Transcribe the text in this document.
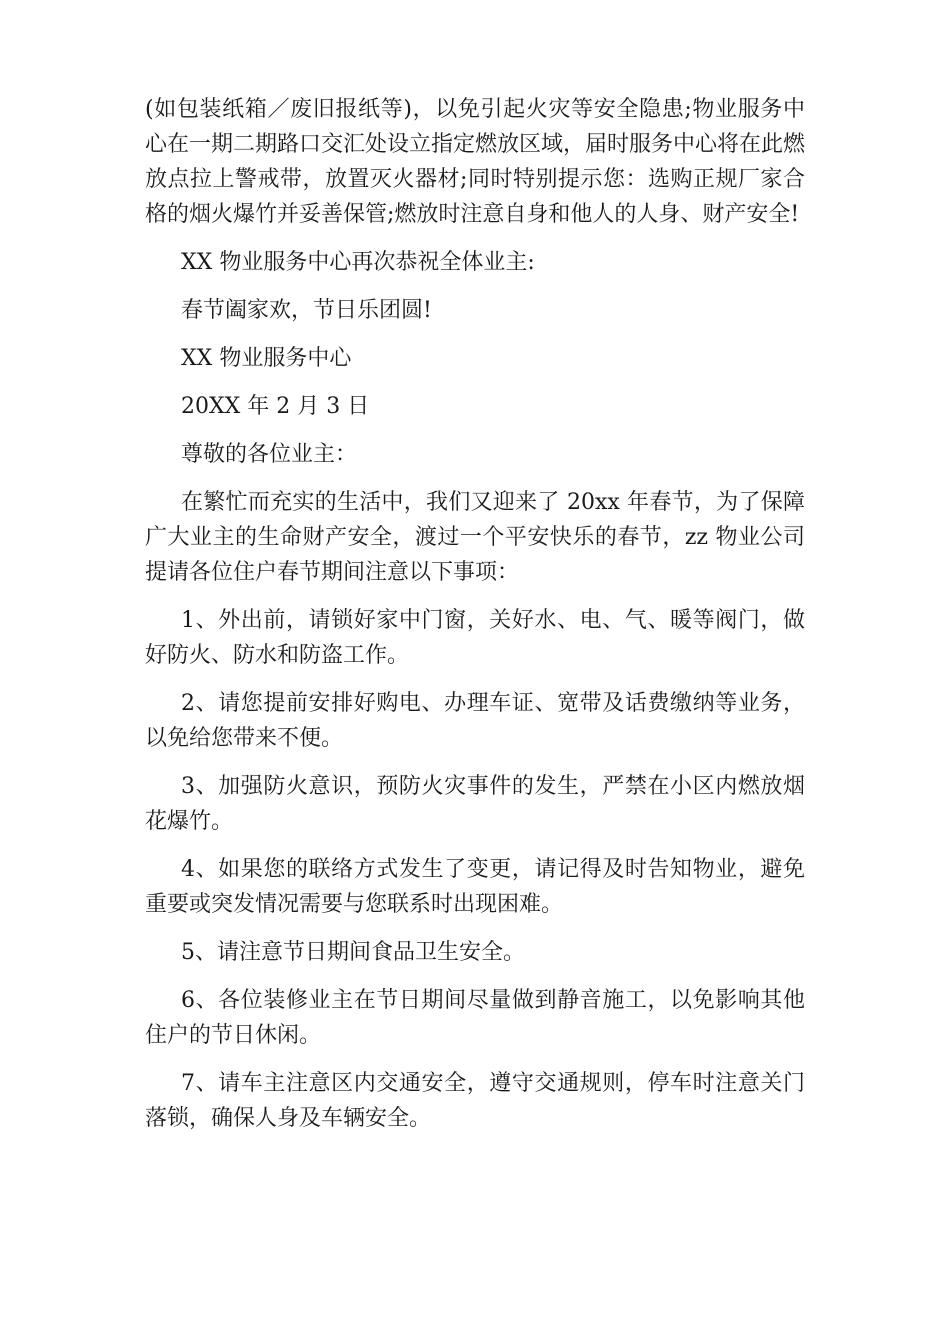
(如包装纸箱／废旧报纸等)，以免引起火灾等安全隐患;物业服务中心在一期二期路口交汇处设立指定燃放区域，届时服务中心将在此燃放点拉上警戒带，放置灭火器材;同时特别提示您：选购正规厂家合格的烟火爆竹并妥善保管;燃放时注意自身和他人的人身、财产安全!

XX 物业服务中心再次恭祝全体业主:

春节阖家欢，节日乐团圆!

XX 物业服务中心

20XX 年 2 月 3 日

尊敬的各位业主：

在繁忙而充实的生活中，我们又迎来了 20xx 年春节，为了保障广大业主的生命财产安全，渡过一个平安快乐的春节，zz 物业公司提请各位住户春节期间注意以下事项：

1、外出前，请锁好家中门窗，关好水、电、气、暖等阀门，做好防火、防水和防盗工作。

2、请您提前安排好购电、办理车证、宽带及话费缴纳等业务，以免给您带来不便。

3、加强防火意识，预防火灾事件的发生，严禁在小区内燃放烟花爆竹。

4、如果您的联络方式发生了变更，请记得及时告知物业，避免重要或突发情况需要与您联系时出现困难。

5、请注意节日期间食品卫生安全。

6、各位装修业主在节日期间尽量做到静音施工，以免影响其他住户的节日休闲。

7、请车主注意区内交通安全，遵守交通规则，停车时注意关门落锁，确保人身及车辆安全。
